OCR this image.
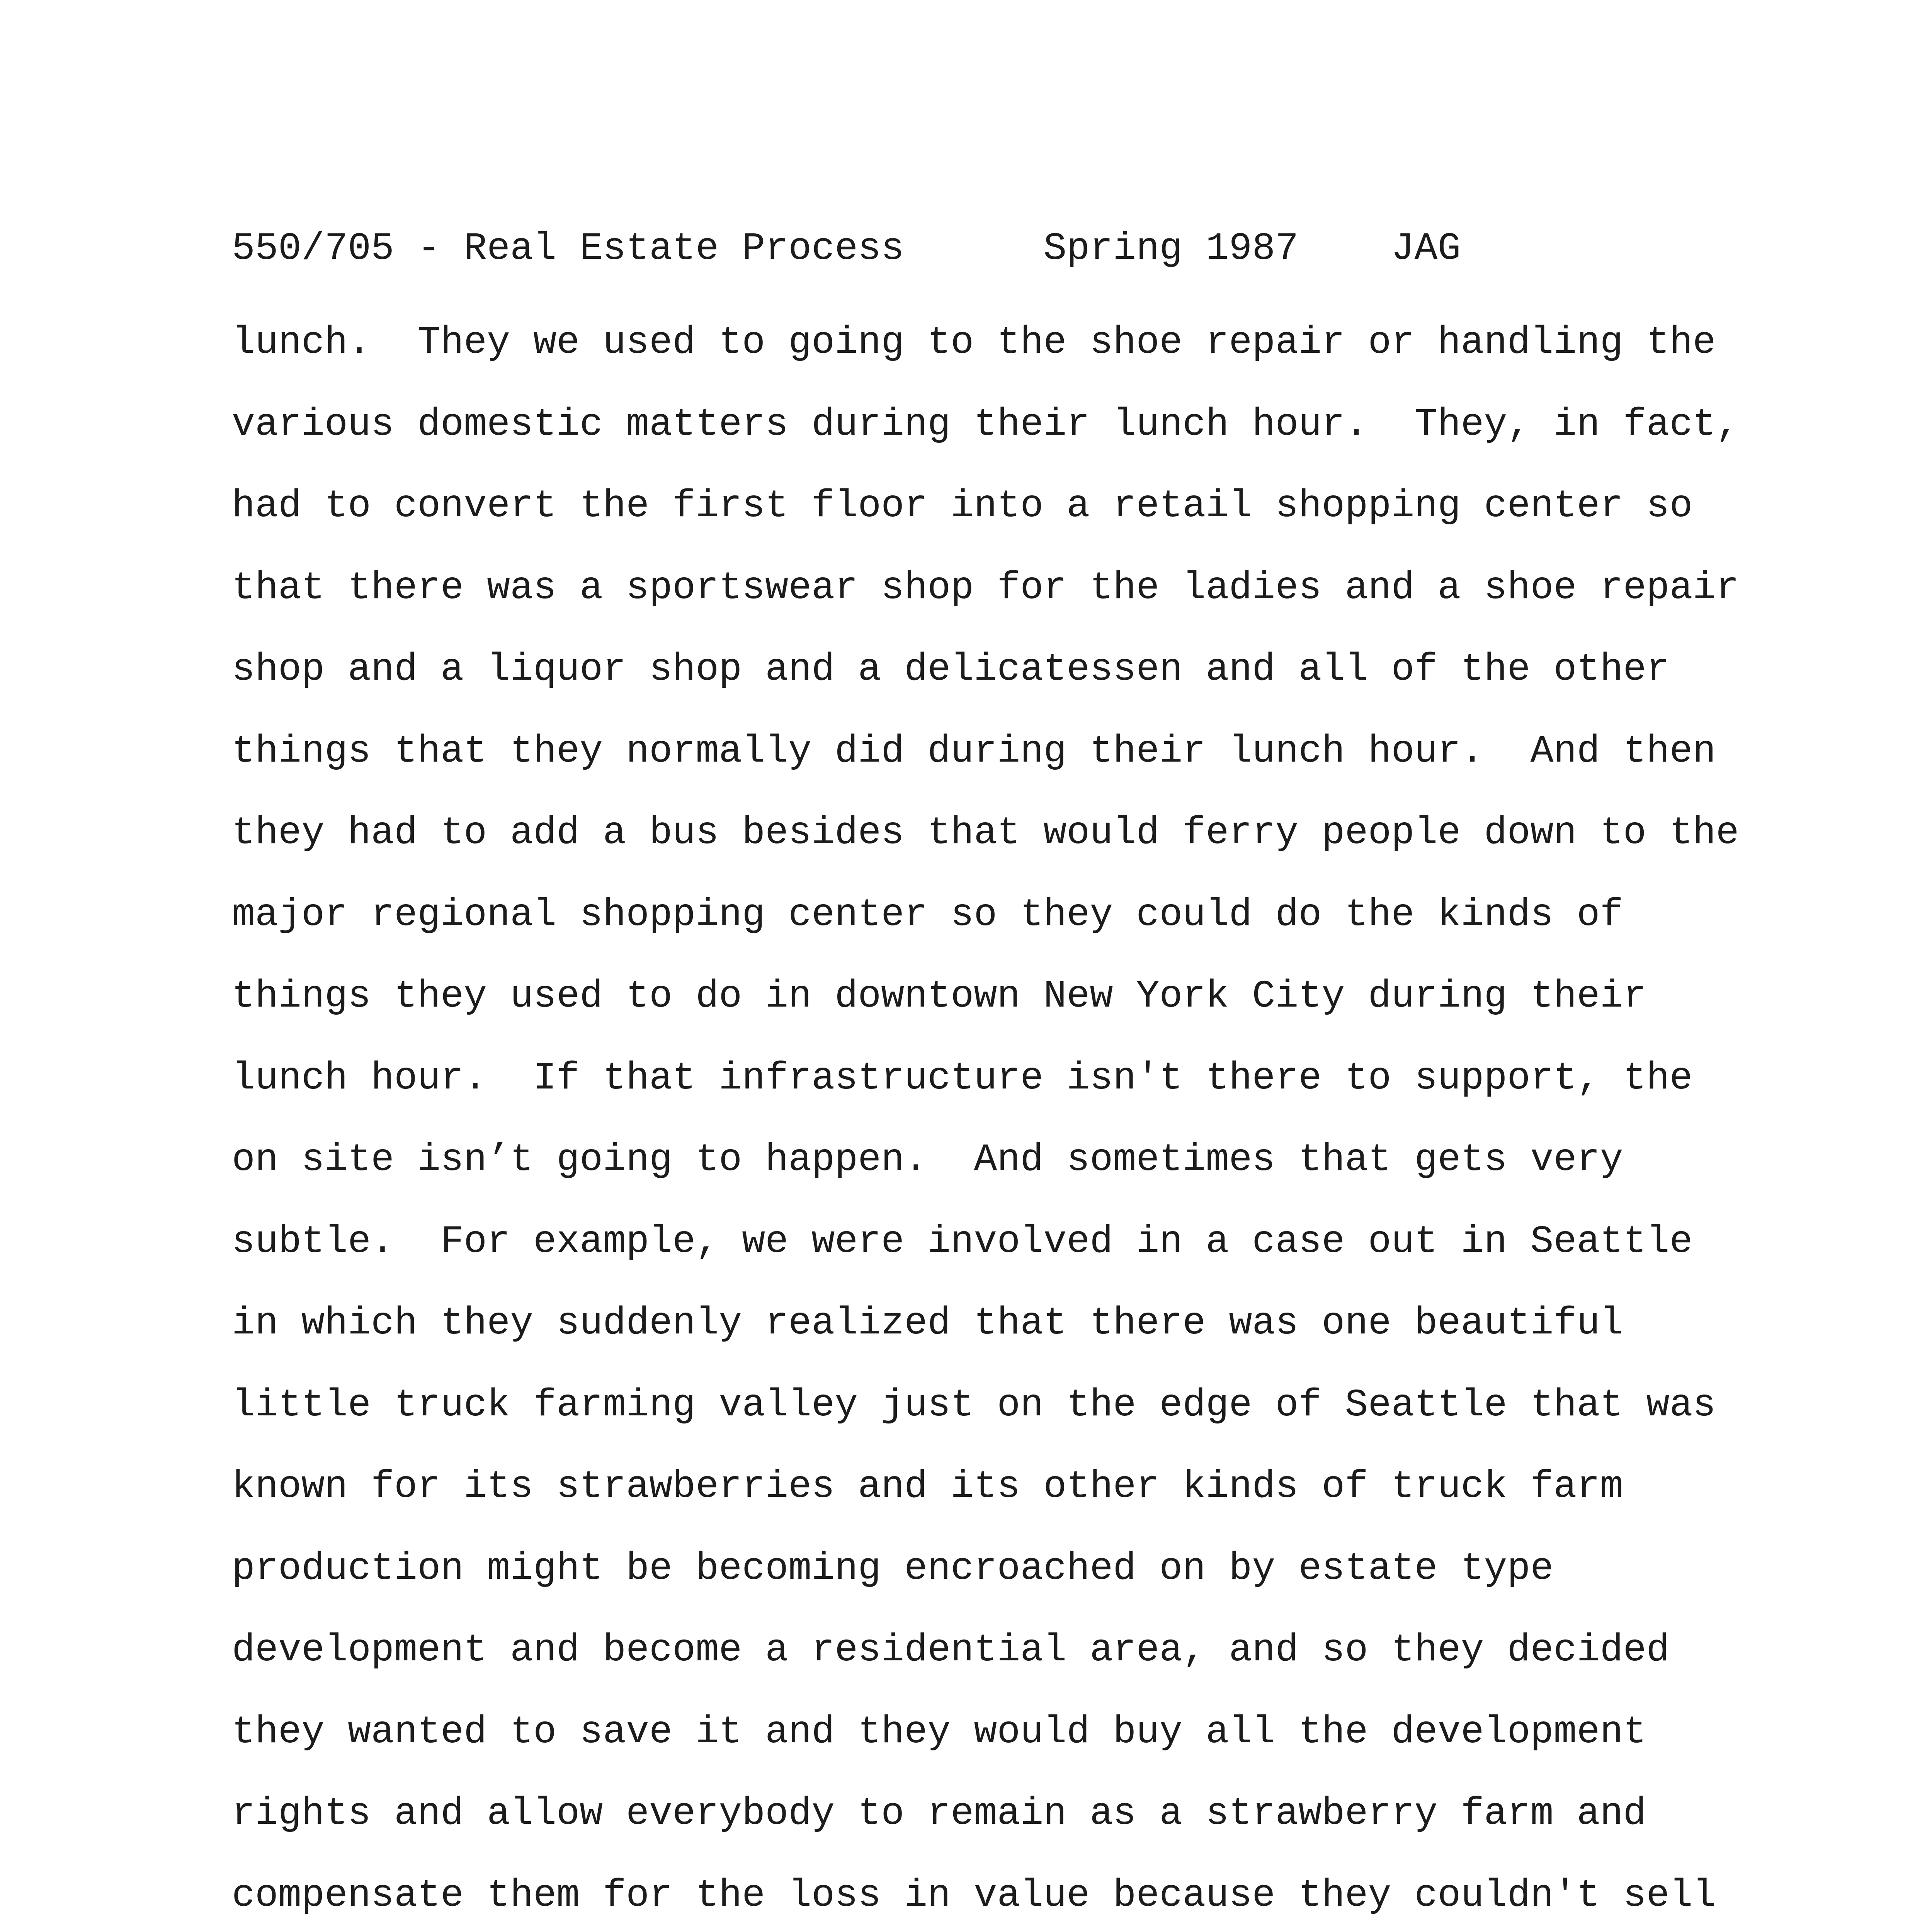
550/705 - Real Estate Process      Spring 1987    JAG
lunch.  They we used to going to the shoe repair or handling the
various domestic matters during their lunch hour.  They, in fact,
had to convert the first floor into a retail shopping center so
that there was a sportswear shop for the ladies and a shoe repair
shop and a liquor shop and a delicatessen and all of the other
things that they normally did during their lunch hour.  And then
they had to add a bus besides that would ferry people down to the
major regional shopping center so they could do the kinds of
things they used to do in downtown New York City during their
lunch hour.  If that infrastructure isn't there to support, the
on site isn’t going to happen.  And sometimes that gets very
subtle.  For example, we were involved in a case out in Seattle
in which they suddenly realized that there was one beautiful
little truck farming valley just on the edge of Seattle that was
known for its strawberries and its other kinds of truck farm
production might be becoming encroached on by estate type
development and become a residential area, and so they decided
they wanted to save it and they would buy all the development
rights and allow everybody to remain as a strawberry farm and
compensate them for the loss in value because they couldn't sell
